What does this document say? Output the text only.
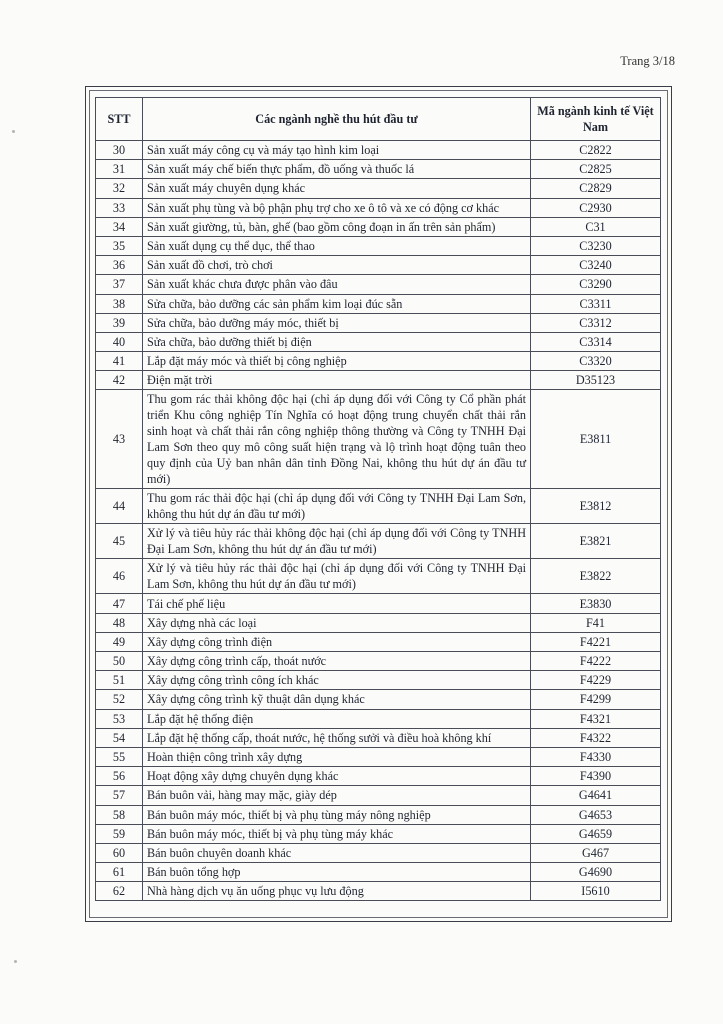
Trang 3/18
STT	Các ngành nghề thu hút đầu tư	Mã ngành kinh tế Việt Nam
30	Sản xuất máy công cụ và máy tạo hình kim loại	C2822
31	Sản xuất máy chế biến thực phẩm, đồ uống và thuốc lá	C2825
32	Sản xuất máy chuyên dụng khác	C2829
33	Sản xuất phụ tùng và bộ phận phụ trợ cho xe ô tô và xe có động cơ khác	C2930
34	Sản xuất giường, tủ, bàn, ghế (bao gồm công đoạn in ấn trên sản phẩm)	C31
35	Sản xuất dụng cụ thể dục, thể thao	C3230
36	Sản xuất đồ chơi, trò chơi	C3240
37	Sản xuất khác chưa được phân vào đâu	C3290
38	Sửa chữa, bảo dưỡng các sản phẩm kim loại đúc sẵn	C3311
39	Sửa chữa, bảo dưỡng máy móc, thiết bị	C3312
40	Sửa chữa, bảo dưỡng thiết bị điện	C3314
41	Lắp đặt máy móc và thiết bị công nghiệp	C3320
42	Điện mặt trời	D35123
43	Thu gom rác thải không độc hại (chỉ áp dụng đối với Công ty Cổ phần phát triển Khu công nghiệp Tín Nghĩa có hoạt động trung chuyển chất thải rắn sinh hoạt và chất thải rắn công nghiệp thông thường và Công ty TNHH Đại Lam Sơn theo quy mô công suất hiện trạng và lộ trình hoạt động tuân theo quy định của Uỷ ban nhân dân tỉnh Đồng Nai, không thu hút dự án đầu tư mới)	E3811
44	Thu gom rác thải độc hại (chỉ áp dụng đối với Công ty TNHH Đại Lam Sơn, không thu hút dự án đầu tư mới)	E3812
45	Xử lý và tiêu hủy rác thải không độc hại (chỉ áp dụng đối với Công ty TNHH Đại Lam Sơn, không thu hút dự án đầu tư mới)	E3821
46	Xử lý và tiêu hủy rác thải độc hại (chỉ áp dụng đối với Công ty TNHH Đại Lam Sơn, không thu hút dự án đầu tư mới)	E3822
47	Tái chế phế liệu	E3830
48	Xây dựng nhà các loại	F41
49	Xây dựng công trình điện	F4221
50	Xây dựng công trình cấp, thoát nước	F4222
51	Xây dựng công trình công ích khác	F4229
52	Xây dựng công trình kỹ thuật dân dụng khác	F4299
53	Lắp đặt hệ thống điện	F4321
54	Lắp đặt hệ thống cấp, thoát nước, hệ thống sưởi và điều hoà không khí	F4322
55	Hoàn thiện công trình xây dựng	F4330
56	Hoạt động xây dựng chuyên dụng khác	F4390
57	Bán buôn vải, hàng may mặc, giày dép	G4641
58	Bán buôn máy móc, thiết bị và phụ tùng máy nông nghiệp	G4653
59	Bán buôn máy móc, thiết bị và phụ tùng máy khác	G4659
60	Bán buôn chuyên doanh khác	G467
61	Bán buôn tổng hợp	G4690
62	Nhà hàng dịch vụ ăn uống phục vụ lưu động	I5610
